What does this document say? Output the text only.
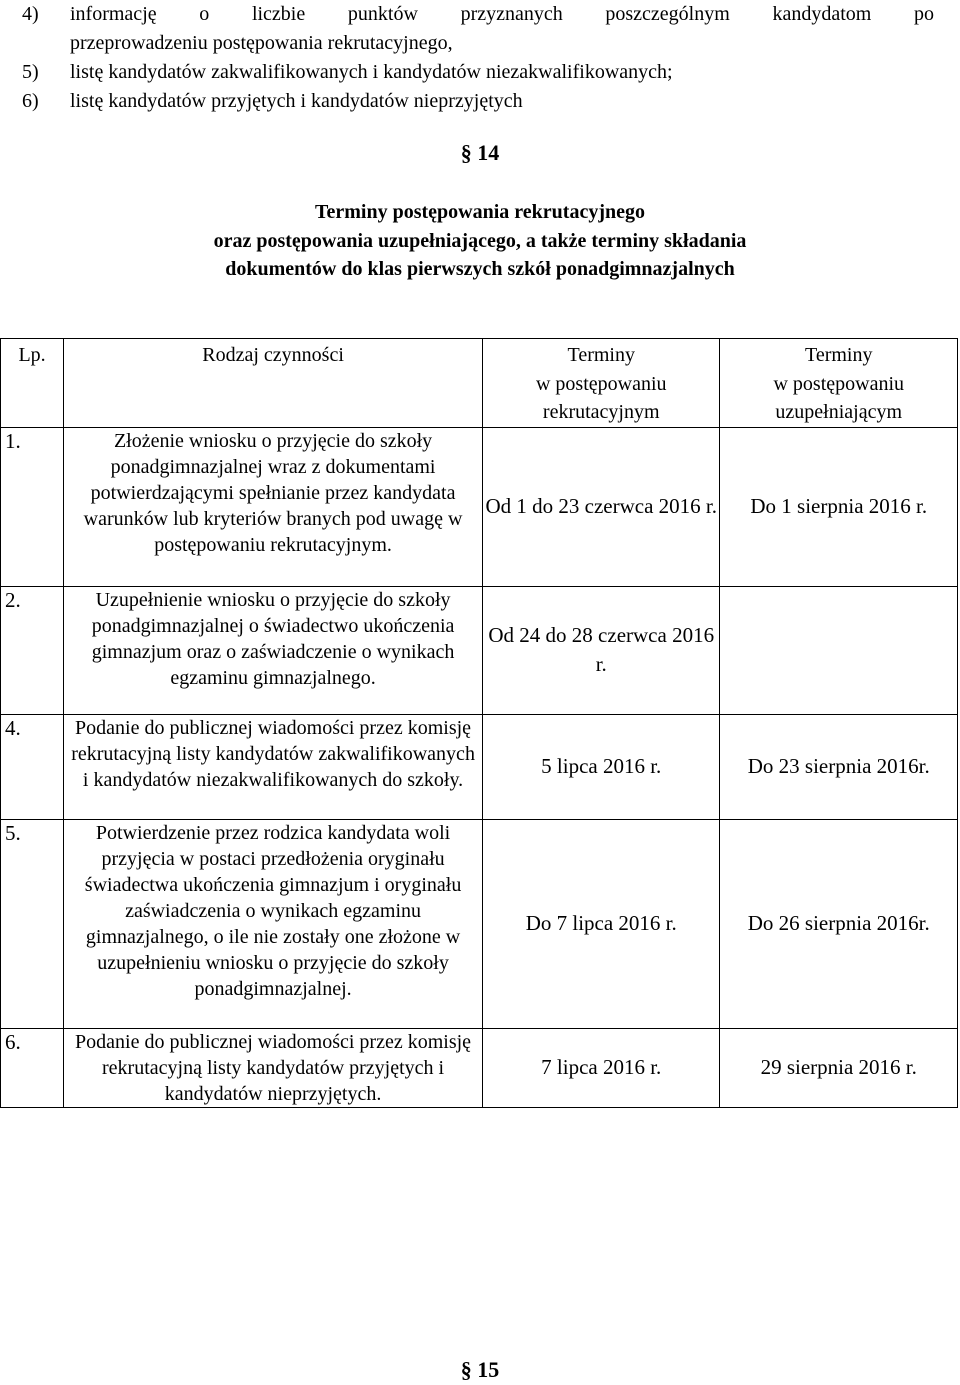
4)	informację o liczbie punktów przyznanych poszczególnym kandydatom po
przeprowadzeniu postępowania rekrutacyjnego,
5)	listę kandydatów zakwalifikowanych i kandydatów niezakwalifikowanych;
6)	listę kandydatów przyjętych i kandydatów nieprzyjętych
§ 14
Terminy postępowania rekrutacyjnego
oraz postępowania uzupełniającego, a także terminy składania
dokumentów do klas pierwszych szkół ponadgimnazjalnych
Lp.	Rodzaj czynności	Terminy
w postępowaniu
rekrutacyjnym	Terminy
w postępowaniu
uzupełniającym

1.	Złożenie wniosku o przyjęcie do szkoły ponadgimnazjalnej wraz z dokumentami potwierdzającymi spełnianie przez kandydata warunków lub kryteriów branych pod uwagę w postępowaniu rekrutacyjnym.	Od 1 do 23 czerwca 2016 r.	Do 1 sierpnia 2016 r.
2.	Uzupełnienie wniosku o przyjęcie do szkoły ponadgimnazjalnej o świadectwo ukończenia gimnazjum oraz o zaświadczenie o wynikach egzaminu gimnazjalnego.	Od 24 do 28 czerwca 2016 r.	
4.	Podanie do publicznej wiadomości przez komisję rekrutacyjną listy kandydatów zakwalifikowanych i kandydatów niezakwalifikowanych do szkoły.	5 lipca 2016 r.	Do 23 sierpnia 2016r.
5.	Potwierdzenie przez rodzica kandydata woli przyjęcia w postaci przedłożenia oryginału świadectwa ukończenia gimnazjum i oryginału zaświadczenia o wynikach egzaminu gimnazjalnego, o ile nie zostały one złożone w uzupełnieniu wniosku o przyjęcie do szkoły ponadgimnazjalnej.	Do 7 lipca 2016 r.	Do 26 sierpnia 2016r.
6.	Podanie do publicznej wiadomości przez komisję rekrutacyjną listy kandydatów przyjętych i kandydatów nieprzyjętych.	7 lipca 2016 r.	29 sierpnia 2016 r.
§ 15
